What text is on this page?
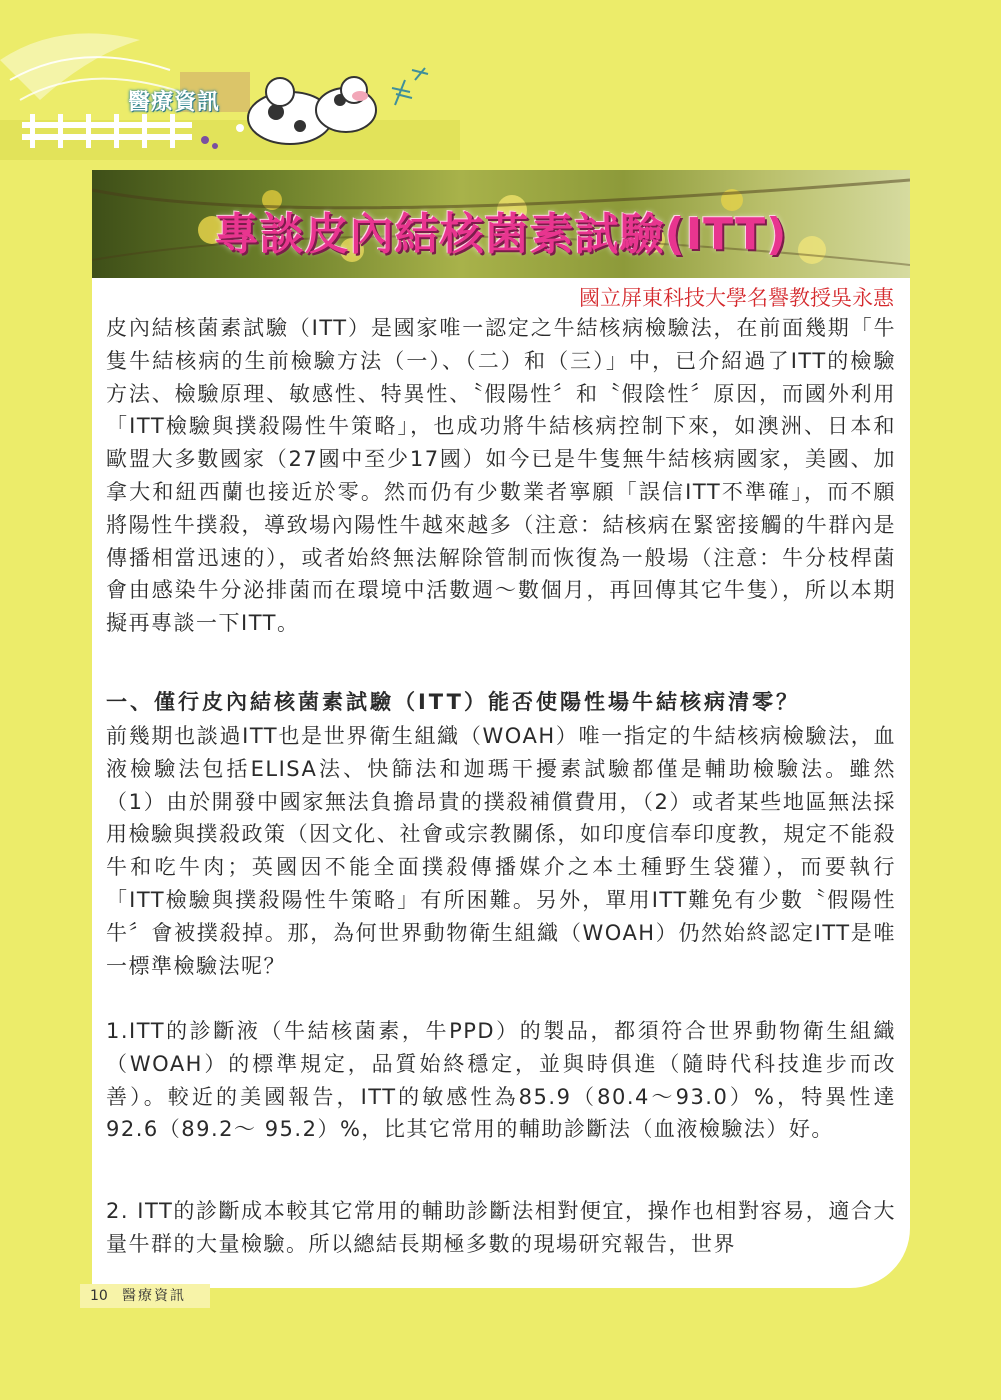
醫療資訊
專談皮內結核菌素試驗(ITT)
國立屏東科技大學名譽教授吳永惠
皮內結核菌素試驗（ITT）是國家唯一認定之牛結核病檢驗法，在前面幾期「牛隻牛結核病的生前檢驗方法（一）、（二）和（三）」中，已介紹過了ITT的檢驗方法、檢驗原理、敏感性、特異性、〝假陽性〞和〝假陰性〞原因，而國外利用「ITT檢驗與撲殺陽性牛策略」，也成功將牛結核病控制下來，如澳洲、日本和歐盟大多數國家（27國中至少17國）如今已是牛隻無牛結核病國家，美國、加拿大和紐西蘭也接近於零。然而仍有少數業者寧願「誤信ITT不準確」，而不願將陽性牛撲殺，導致場內陽性牛越來越多（注意：結核病在緊密接觸的牛群內是傳播相當迅速的），或者始終無法解除管制而恢復為一般場（注意：牛分枝桿菌會由感染牛分泌排菌而在環境中活數週～數個月，再回傳其它牛隻），所以本期擬再專談一下ITT。
一、僅行皮內結核菌素試驗（ITT）能否使陽性場牛結核病清零？
前幾期也談過ITT也是世界衛生組織（WOAH）唯一指定的牛結核病檢驗法，血液檢驗法包括ELISA法、快篩法和迦瑪干擾素試驗都僅是輔助檢驗法。雖然（1）由於開發中國家無法負擔昂貴的撲殺補償費用，（2）或者某些地區無法採用檢驗與撲殺政策（因文化、社會或宗教關係，如印度信奉印度教，規定不能殺牛和吃牛肉；英國因不能全面撲殺傳播媒介之本土種野生袋獾），而要執行「ITT檢驗與撲殺陽性牛策略」有所困難。另外，單用ITT難免有少數〝假陽性牛〞會被撲殺掉。那，為何世界動物衛生組織（WOAH）仍然始終認定ITT是唯一標準檢驗法呢？
1.ITT的診斷液（牛結核菌素，牛PPD）的製品，都須符合世界動物衛生組織（WOAH）的標準規定，品質始終穩定，並與時俱進（隨時代科技進步而改善）。較近的美國報告，ITT的敏感性為85.9（80.4～93.0）%，特異性達92.6（89.2～ 95.2）%，比其它常用的輔助診斷法（血液檢驗法）好。
2. ITT的診斷成本較其它常用的輔助診斷法相對便宜，操作也相對容易，適合大量牛群的大量檢驗。所以總結長期極多數的現場研究報告，世界
10 醫療資訊
